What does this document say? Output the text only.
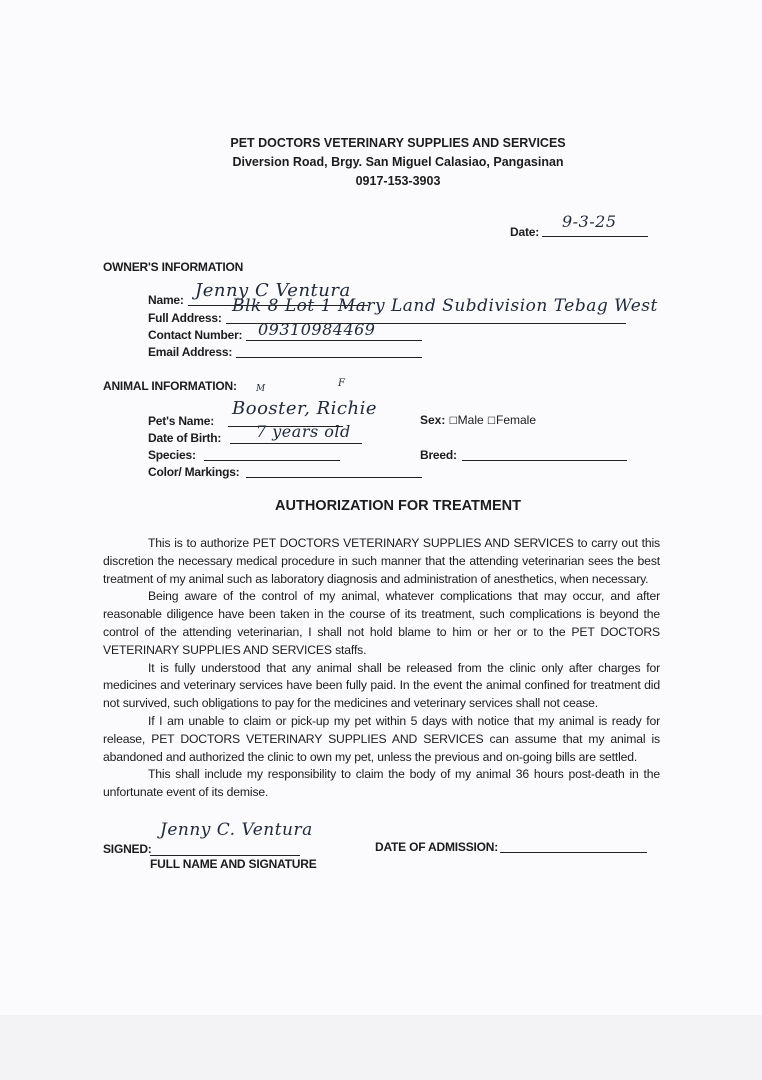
PET DOCTORS VETERINARY SUPPLIES AND SERVICES
Diversion Road, Brgy. San Miguel Calasiao, Pangasinan
0917-153-3903
Date:
9-3-25
OWNER'S INFORMATION
Name: Jenny C Ventura
Full Address:
Blk 8 Lot 1 Mary Land Subdivision Tebag West
Contact Number: 09310984469
Email Address:
ANIMAL INFORMATION: M	F
Pet's Name:
Booster, Richie
Date of Birth: 7 years old
Species:
Color/ Markings:
Sex: ☐Male ☐Female
Breed:
AUTHORIZATION FOR TREATMENT

This is to authorize PET DOCTORS VETERINARY SUPPLIES AND SERVICES to carry out this discretion the necessary medical procedure in such manner that the attending veterinarian sees the best treatment of my animal such as laboratory diagnosis and administration of anesthetics, when necessary.

Being aware of the control of my animal, whatever complications that may occur, and after reasonable diligence have been taken in the course of its treatment, such complications is beyond the control of the attending veterinarian, I shall not hold blame to him or her or to the PET DOCTORS VETERINARY SUPPLIES AND SERVICES staffs.

It is fully understood that any animal shall be released from the clinic only after charges for medicines and veterinary services have been fully paid. In the event the animal confined for treatment did not survived, such obligations to pay for the medicines and veterinary services shall not cease.

If I am unable to claim or pick-up my pet within 5 days with notice that my animal is ready for release, PET DOCTORS VETERINARY SUPPLIES AND SERVICES can assume that my animal is abandoned and authorized the clinic to own my pet, unless the previous and on-going bills are settled.

This shall include my responsibility to claim the body of my animal 36 hours post-death in the unfortunate event of its demise.

SIGNED:
Jenny C. Ventura
FULL NAME AND SIGNATURE
DATE OF ADMISSION:
